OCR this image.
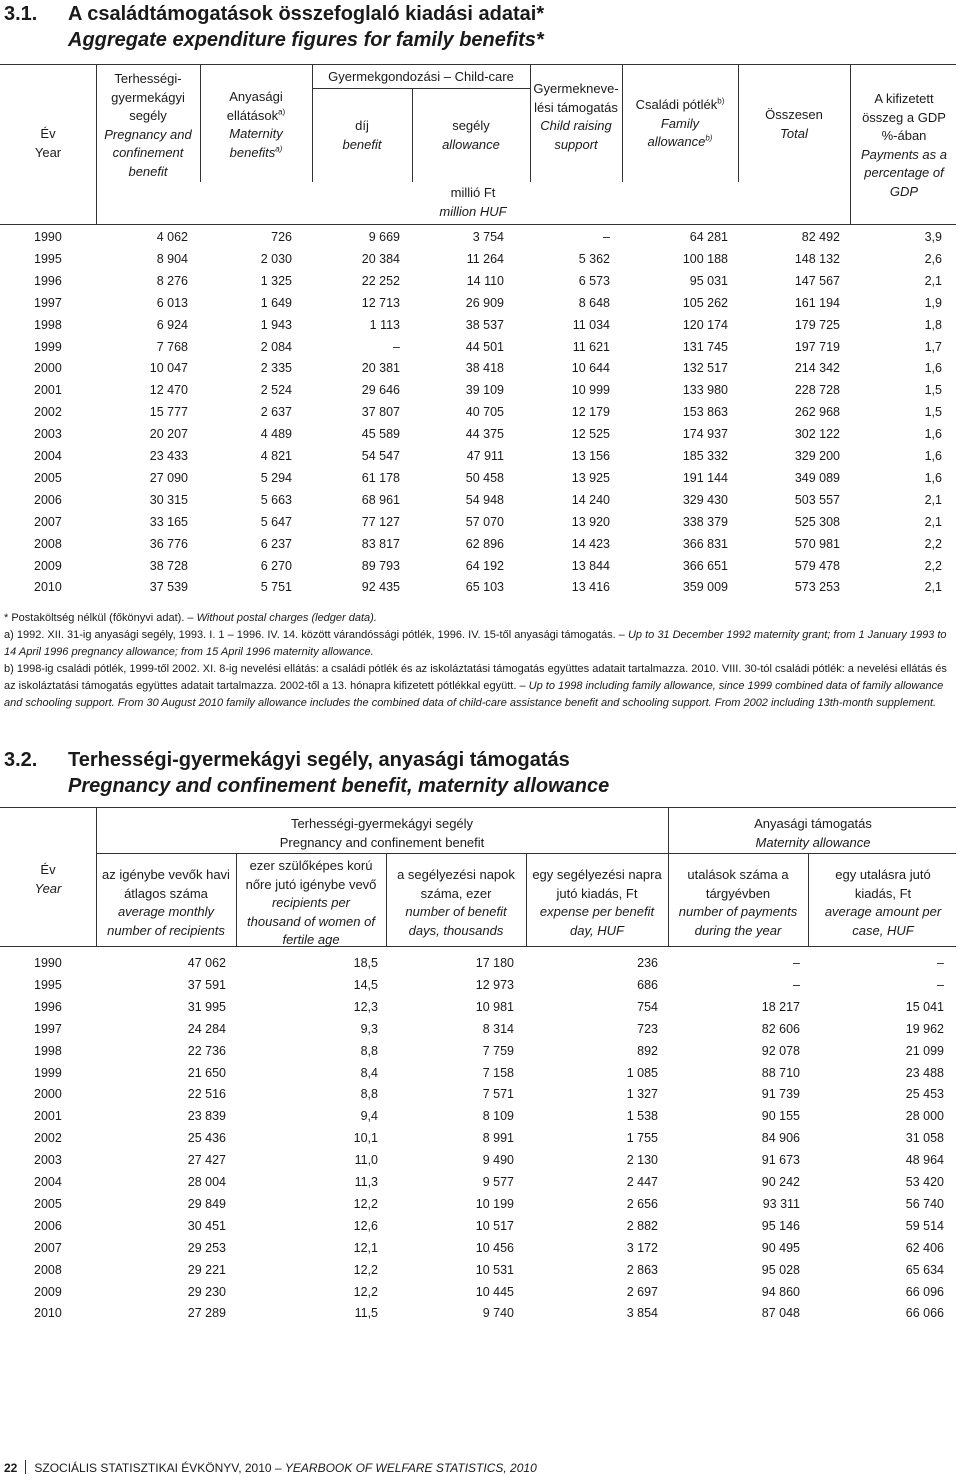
3.1. A családtámogatások összefoglaló kiadási adatai*
Aggregate expenditure figures for family benefits*
Év
Year
Terhességi-
gyermekágyi
segély
Pregnancy and
confinement
benefit
Anyasági
ellátások$^{a)}$
Maternity
benefits$^{a)}$
Gyermekgondozási – Child-care
díj
benefit
segély
allowance
Gyermekneve-
lési támogatás
Child raising
support
Családi pótlék$^{b)}$
Family
allowance$^{b)}$
Összesen
Total
A kifizetett
összeg a GDP
%-ában
Payments as a
percentage of
GDP
millió Ft
million HUF
1990	4 062	726	9 669	3 754	–	64 281	82 492	3,9
1995	8 904	2 030	20 384	11 264	5 362	100 188	148 132	2,6
1996	8 276	1 325	22 252	14 110	6 573	95 031	147 567	2,1
1997	6 013	1 649	12 713	26 909	8 648	105 262	161 194	1,9
1998	6 924	1 943	1 113	38 537	11 034	120 174	179 725	1,8
1999	7 768	2 084	–	44 501	11 621	131 745	197 719	1,7
2000	10 047	2 335	20 381	38 418	10 644	132 517	214 342	1,6
2001	12 470	2 524	29 646	39 109	10 999	133 980	228 728	1,5
2002	15 777	2 637	37 807	40 705	12 179	153 863	262 968	1,5
2003	20 207	4 489	45 589	44 375	12 525	174 937	302 122	1,6
2004	23 433	4 821	54 547	47 911	13 156	185 332	329 200	1,6
2005	27 090	5 294	61 178	50 458	13 925	191 144	349 089	1,6
2006	30 315	5 663	68 961	54 948	14 240	329 430	503 557	2,1
2007	33 165	5 647	77 127	57 070	13 920	338 379	525 308	2,1
2008	36 776	6 237	83 817	62 896	14 423	366 831	570 981	2,2
2009	38 728	6 270	89 793	64 192	13 844	366 651	579 478	2,2
2010	37 539	5 751	92 435	65 103	13 416	359 009	573 253	2,1
* Postaköltség nélkül (főkönyvi adat). – Without postal charges (ledger data).
a) 1992. XII. 31-ig anyasági segély, 1993. I. 1 – 1996. IV. 14. között várandóssági pótlék, 1996. IV. 15-től anyasági támogatás. – Up to 31 December 1992 maternity grant; from 1 January 1993 to 14 April 1996 pregnancy allowance; from 15 April 1996 maternity allowance.
b) 1998-ig családi pótlék, 1999-től 2002. XI. 8-ig nevelési ellátás: a családi pótlék és az iskoláztatási támogatás együttes adatait tartalmazza. 2010. VIII. 30-tól családi pótlék: a nevelési ellátás és az iskoláztatási támogatás együttes adatait tartalmazza. 2002-től a 13. hónapra kifizetett pótlékkal együtt. – Up to 1998 including family allowance, since 1999 combined data of family allowance and schooling support. From 30 August 2010 family allowance includes the combined data of child-care assistance benefit and schooling support. From 2002 including 13th-month supplement.
3.2. Terhességi-gyermekágyi segély, anyasági támogatás
Pregnancy and confinement benefit, maternity allowance
Év
Year
Terhességi-gyermekágyi segély
Pregnancy and confinement benefit
Anyasági támogatás
Maternity allowance
az igénybe vevők havi
átlagos száma
average monthly
number of recipients
ezer szülőképes korú
nőre jutó igénybe vevő
recipients per
thousand of women of
fertile age
a segélyezési napok
száma, ezer
number of benefit
days, thousands
egy segélyezési napra
jutó kiadás, Ft
expense per benefit
day, HUF
utalások száma a
tárgyévben
number of payments
during the year
egy utalásra jutó
kiadás, Ft
average amount per
case, HUF
1990	47 062	18,5	17 180	236	–	–
1995	37 591	14,5	12 973	686	–	–
1996	31 995	12,3	10 981	754	18 217	15 041
1997	24 284	9,3	8 314	723	82 606	19 962
1998	22 736	8,8	7 759	892	92 078	21 099
1999	21 650	8,4	7 158	1 085	88 710	23 488
2000	22 516	8,8	7 571	1 327	91 739	25 453
2001	23 839	9,4	8 109	1 538	90 155	28 000
2002	25 436	10,1	8 991	1 755	84 906	31 058
2003	27 427	11,0	9 490	2 130	91 673	48 964
2004	28 004	11,3	9 577	2 447	90 242	53 420
2005	29 849	12,2	10 199	2 656	93 311	56 740
2006	30 451	12,6	10 517	2 882	95 146	59 514
2007	29 253	12,1	10 456	3 172	90 495	62 406
2008	29 221	12,2	10 531	2 863	95 028	65 634
2009	29 230	12,2	10 445	2 697	94 860	66 096
2010	27 289	11,5	9 740	3 854	87 048	66 066
22 SZOCIÁLIS STATISZTIKAI ÉVKÖNYV, 2010 – YEARBOOK OF WELFARE STATISTICS, 2010
